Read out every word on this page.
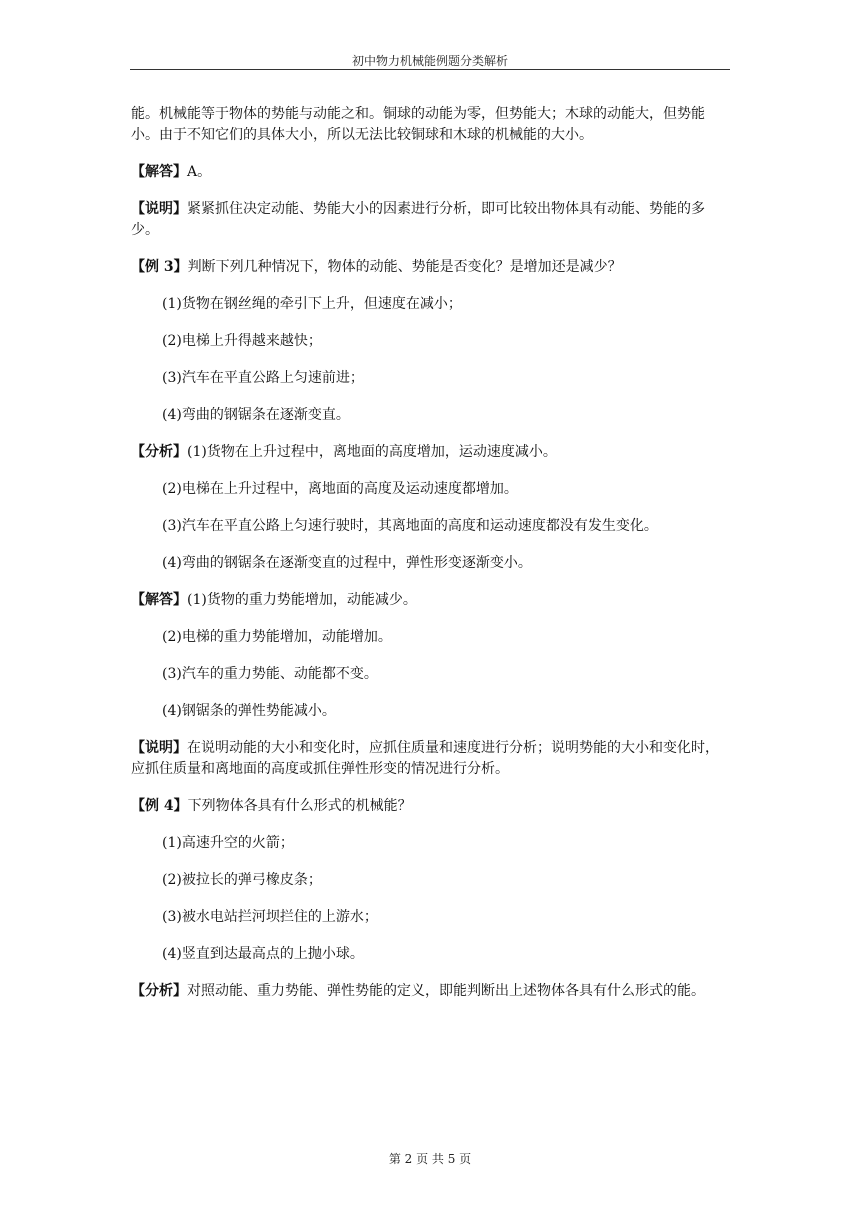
初中物力机械能例题分类解析

能。机械能等于物体的势能与动能之和。铜球的动能为零，但势能大；木球的动能大，但势能小。由于不知它们的具体大小，所以无法比较铜球和木球的机械能的大小。

【解答】A。

【说明】紧紧抓住决定动能、势能大小的因素进行分析，即可比较出物体具有动能、势能的多少。

【例 3】判断下列几种情况下，物体的动能、势能是否变化？是增加还是减少？

(1)货物在钢丝绳的牵引下上升，但速度在减小；

(2)电梯上升得越来越快；

(3)汽车在平直公路上匀速前进；

(4)弯曲的钢锯条在逐渐变直。

【分析】(1)货物在上升过程中，离地面的高度增加，运动速度减小。

(2)电梯在上升过程中，离地面的高度及运动速度都增加。

(3)汽车在平直公路上匀速行驶时，其离地面的高度和运动速度都没有发生变化。

(4)弯曲的钢锯条在逐渐变直的过程中，弹性形变逐渐变小。

【解答】(1)货物的重力势能增加，动能减少。

(2)电梯的重力势能增加，动能增加。

(3)汽车的重力势能、动能都不变。

(4)钢锯条的弹性势能减小。

【说明】在说明动能的大小和变化时，应抓住质量和速度进行分析；说明势能的大小和变化时，应抓住质量和离地面的高度或抓住弹性形变的情况进行分析。

【例 4】下列物体各具有什么形式的机械能？

(1)高速升空的火箭；

(2)被拉长的弹弓橡皮条；

(3)被水电站拦河坝拦住的上游水；

(4)竖直到达最高点的上抛小球。

【分析】对照动能、重力势能、弹性势能的定义，即能判断出上述物体各具有什么形式的能。

第 2 页 共 5 页
